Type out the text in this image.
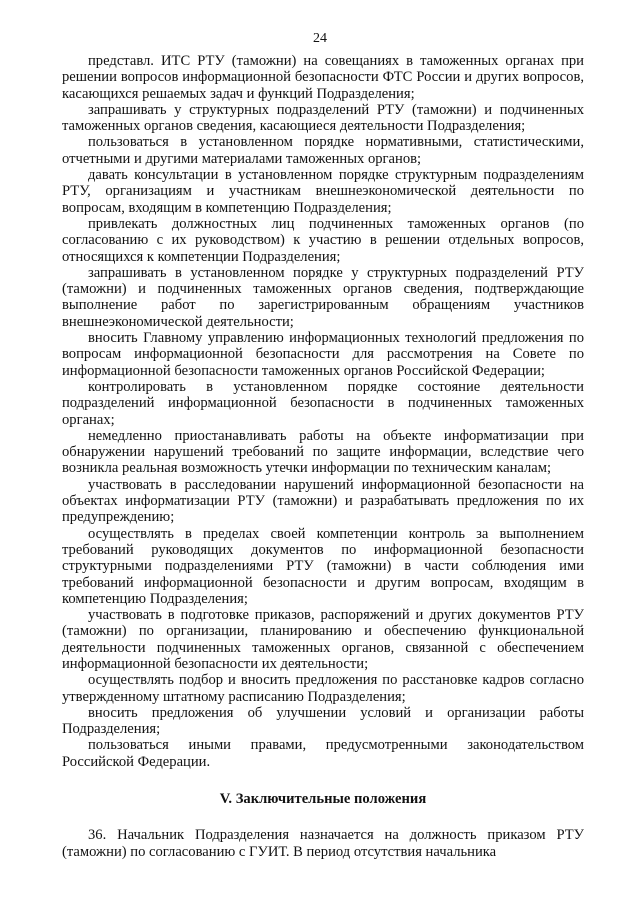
24

представл. ИТС РТУ (таможни) на совещаниях в таможенных органах при решении вопросов информационной безопасности ФТС России и других вопросов, касающихся решаемых задач и функций Подразделения;

запрашивать у структурных подразделений РТУ (таможни) и подчиненных таможенных органов сведения, касающиеся деятельности Подразделения;

пользоваться в установленном порядке нормативными, статистическими, отчетными и другими материалами таможенных органов;

давать консультации в установленном порядке структурным подразделениям РТУ, организациям и участникам внешнеэкономической деятельности по вопросам, входящим в компетенцию Подразделения;

привлекать должностных лиц подчиненных таможенных органов (по согласованию с их руководством) к участию в решении отдельных вопросов, относящихся к компетенции Подразделения;

запрашивать в установленном порядке у структурных подразделений РТУ (таможни) и подчиненных таможенных органов сведения, подтверждающие выполнение работ по зарегистрированным обращениям участников внешнеэкономической деятельности;

вносить Главному управлению информационных технологий предложения по вопросам информационной безопасности для рассмотрения на Совете по информационной безопасности таможенных органов Российской Федерации;

контролировать в установленном порядке состояние деятельности подразделений информационной безопасности в подчиненных таможенных органах;

немедленно приостанавливать работы на объекте информатизации при обнаружении нарушений требований по защите информации, вследствие чего возникла реальная возможность утечки информации по техническим каналам;

участвовать в расследовании нарушений информационной безопасности на объектах информатизации РТУ (таможни) и разрабатывать предложения по их предупреждению;

осуществлять в пределах своей компетенции контроль за выполнением требований руководящих документов по информационной безопасности структурными подразделениями РТУ (таможни) в части соблюдения ими требований информационной безопасности и другим вопросам, входящим в компетенцию Подразделения;

участвовать в подготовке приказов, распоряжений и других документов РТУ (таможни) по организации, планированию и обеспечению функциональной деятельности подчиненных таможенных органов, связанной с обеспечением информационной безопасности их деятельности;

осуществлять подбор и вносить предложения по расстановке кадров согласно утвержденному штатному расписанию Подразделения;

вносить предложения об улучшении условий и организации работы Подразделения;

пользоваться иными правами, предусмотренными законодательством Российской Федерации.

V. Заключительные положения

36. Начальник Подразделения назначается на должность приказом РТУ (таможни) по согласованию с ГУИТ. В период отсутствия начальника
